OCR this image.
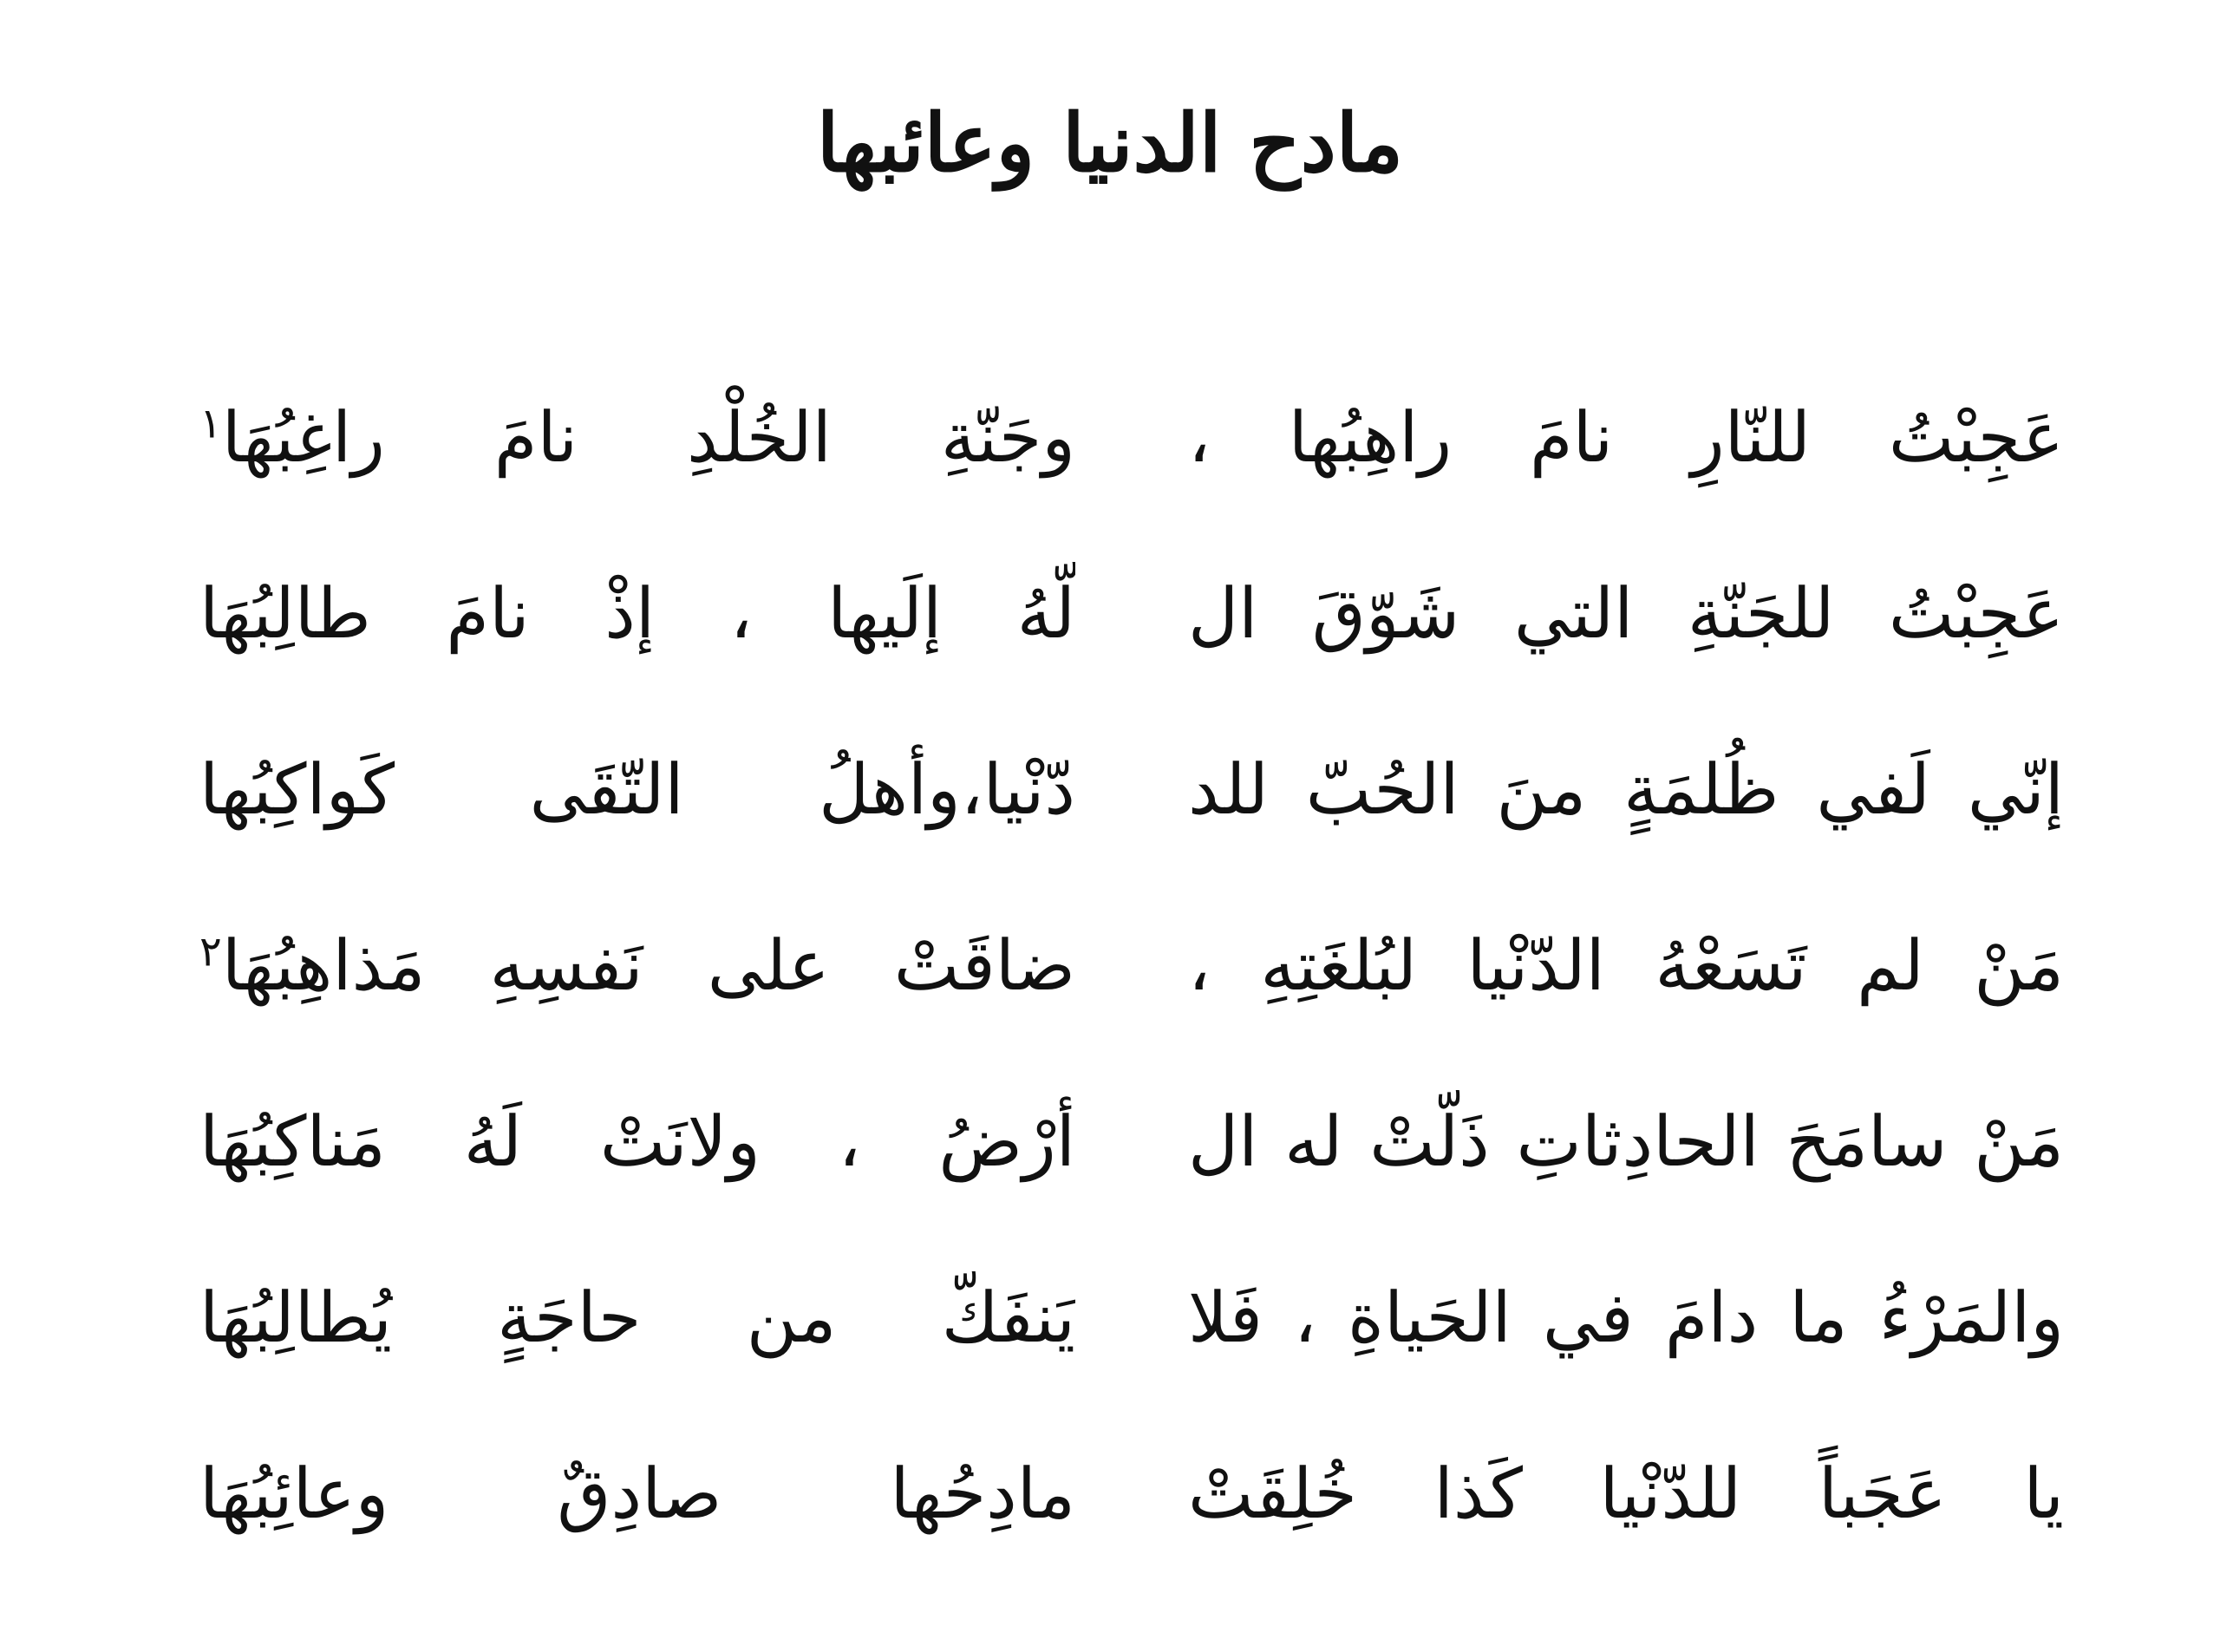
مادح الدنيا وعائبها
عَجِبْتُ للنّارِ نامَ راهِبُها ،
وجَنّةِ الخُلْدِ نامَ راغِبُهَا$^١$
عَجِبْتُ للجَنّةِ التي شَوّقَ ال
لّهُ إلَيها ، إذْ نامَ طالِبُهَا
إنّي لَفي ظُلمَةٍ منَ الحُبّ للد
دّنْيا،وأهلُ التّقَى كَواكِبُها
مَنْ لم تَسَعْهُ الدّنْيا لبُلغَتِهِ ،
ضاقَتْ على نَفسِهِ مَذاهِبُهَا$^٢$
مَنْ سامَحَ الحادِثاتِ ذَلّتْ له ال
أرْضُ ، ولانَتْ لَهُ مَناكِبُهَا
والمَرْءُ ما دامَ في الحَياةِ ، فَلا
يَنفَكّ من حاجَةٍ يُطالِبُهَا
يا عَجَباً للدّنْيا كَذا خُلِقَتْ
مادِحُها صادِقٌ وعائِبُهَا
